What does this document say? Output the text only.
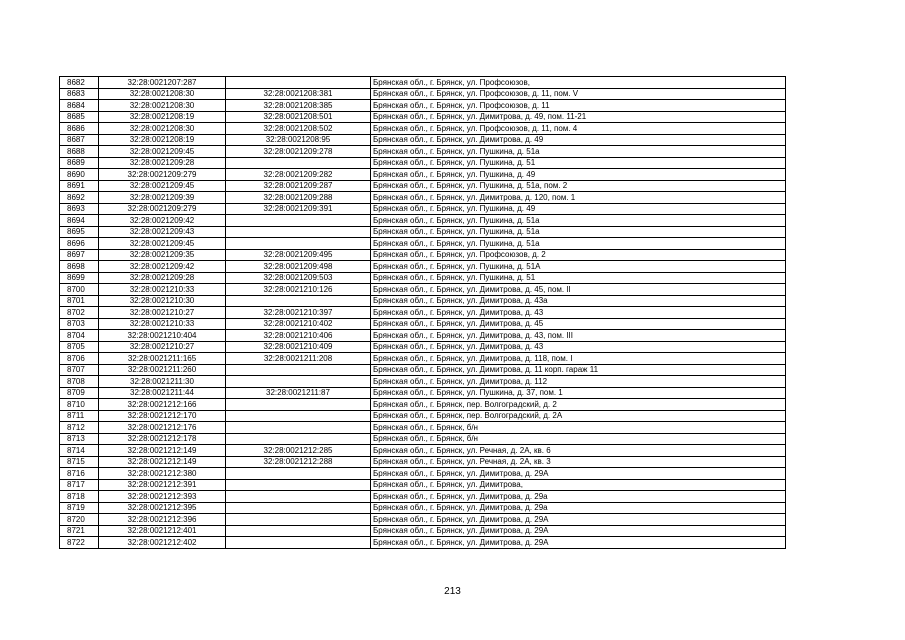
8682	32:28:0021207:287		Брянская обл., г. Брянск, ул. Профсоюзов,
8683	32:28:0021208:30	32:28:0021208:381	Брянская обл., г. Брянск, ул. Профсоюзов, д. 11, пом. V
8684	32:28:0021208:30	32:28:0021208:385	Брянская обл., г. Брянск, ул. Профсоюзов, д. 11
8685	32:28:0021208:19	32:28:0021208:501	Брянская обл., г. Брянск, ул. Димитрова, д. 49, пом. 11-21
8686	32:28:0021208:30	32:28:0021208:502	Брянская обл., г. Брянск, ул. Профсоюзов, д. 11, пом. 4
8687	32:28:0021208:19	32:28:0021208:95	Брянская обл., г. Брянск, ул. Димитрова, д. 49
8688	32:28:0021209:45	32:28:0021209:278	Брянская обл., г. Брянск, ул. Пушкина, д. 51а
8689	32:28:0021209:28		Брянская обл., г. Брянск, ул. Пушкина, д. 51
8690	32:28:0021209:279	32:28:0021209:282	Брянская обл., г. Брянск, ул. Пушкина, д. 49
8691	32:28:0021209:45	32:28:0021209:287	Брянская обл., г. Брянск, ул. Пушкина, д. 51а, пом. 2
8692	32:28:0021209:39	32:28:0021209:288	Брянская обл., г. Брянск, ул. Димитрова, д. 120, пом. 1
8693	32:28:0021209:279	32:28:0021209:391	Брянская обл., г. Брянск, ул. Пушкина, д. 49
8694	32:28:0021209:42		Брянская обл., г. Брянск, ул. Пушкина, д. 51а
8695	32:28:0021209:43		Брянская обл., г. Брянск, ул. Пушкина, д. 51а
8696	32:28:0021209:45		Брянская обл., г. Брянск, ул. Пушкина, д. 51а
8697	32:28:0021209:35	32:28:0021209:495	Брянская обл., г. Брянск, ул. Профсоюзов, д. 2
8698	32:28:0021209:42	32:28:0021209:498	Брянская обл., г. Брянск, ул. Пушкина, д. 51А
8699	32:28:0021209:28	32:28:0021209:503	Брянская обл., г. Брянск, ул. Пушкина, д. 51
8700	32:28:0021210:33	32:28:0021210:126	Брянская обл., г. Брянск, ул. Димитрова, д. 45, пом. II
8701	32:28:0021210:30		Брянская обл., г. Брянск, ул. Димитрова, д. 43а
8702	32:28:0021210:27	32:28:0021210:397	Брянская обл., г. Брянск, ул. Димитрова, д. 43
8703	32:28:0021210:33	32:28:0021210:402	Брянская обл., г. Брянск, ул. Димитрова, д. 45
8704	32:28:0021210:404	32:28:0021210:406	Брянская обл., г. Брянск, ул. Димитрова, д. 43, пом. III
8705	32:28:0021210:27	32:28:0021210:409	Брянская обл., г. Брянск, ул. Димитрова, д. 43
8706	32:28:0021211:165	32:28:0021211:208	Брянская обл., г. Брянск, ул. Димитрова, д. 118, пом. I
8707	32:28:0021211:260		Брянская обл., г. Брянск, ул. Димитрова, д. 11 корп. гараж 11
8708	32:28:0021211:30		Брянская обл., г. Брянск, ул. Димитрова, д. 112
8709	32:28:0021211:44	32:28:0021211:87	Брянская обл., г. Брянск, ул. Пушкина, д. 37, пом. 1
8710	32:28:0021212:166		Брянская обл., г. Брянск, пер. Волгоградский, д. 2
8711	32:28:0021212:170		Брянская обл., г. Брянск, пер. Волгоградский, д. 2А
8712	32:28:0021212:176		Брянская обл., г. Брянск, б/н
8713	32:28:0021212:178		Брянская обл., г. Брянск, б/н
8714	32:28:0021212:149	32:28:0021212:285	Брянская обл., г. Брянск, ул. Речная, д. 2А, кв. 6
8715	32:28:0021212:149	32:28:0021212:288	Брянская обл., г. Брянск, ул. Речная, д. 2А, кв. 3
8716	32:28:0021212:380		Брянская обл., г. Брянск, ул. Димитрова, д. 29А
8717	32:28:0021212:391		Брянская обл., г. Брянск, ул. Димитрова,
8718	32:28:0021212:393		Брянская обл., г. Брянск, ул. Димитрова, д. 29а
8719	32:28:0021212:395		Брянская обл., г. Брянск, ул. Димитрова, д. 29а
8720	32:28:0021212:396		Брянская обл., г. Брянск, ул. Димитрова, д. 29А
8721	32:28:0021212:401		Брянская обл., г. Брянск, ул. Димитрова, д. 29А
8722	32:28:0021212:402		Брянская обл., г. Брянск, ул. Димитрова, д. 29А
213
